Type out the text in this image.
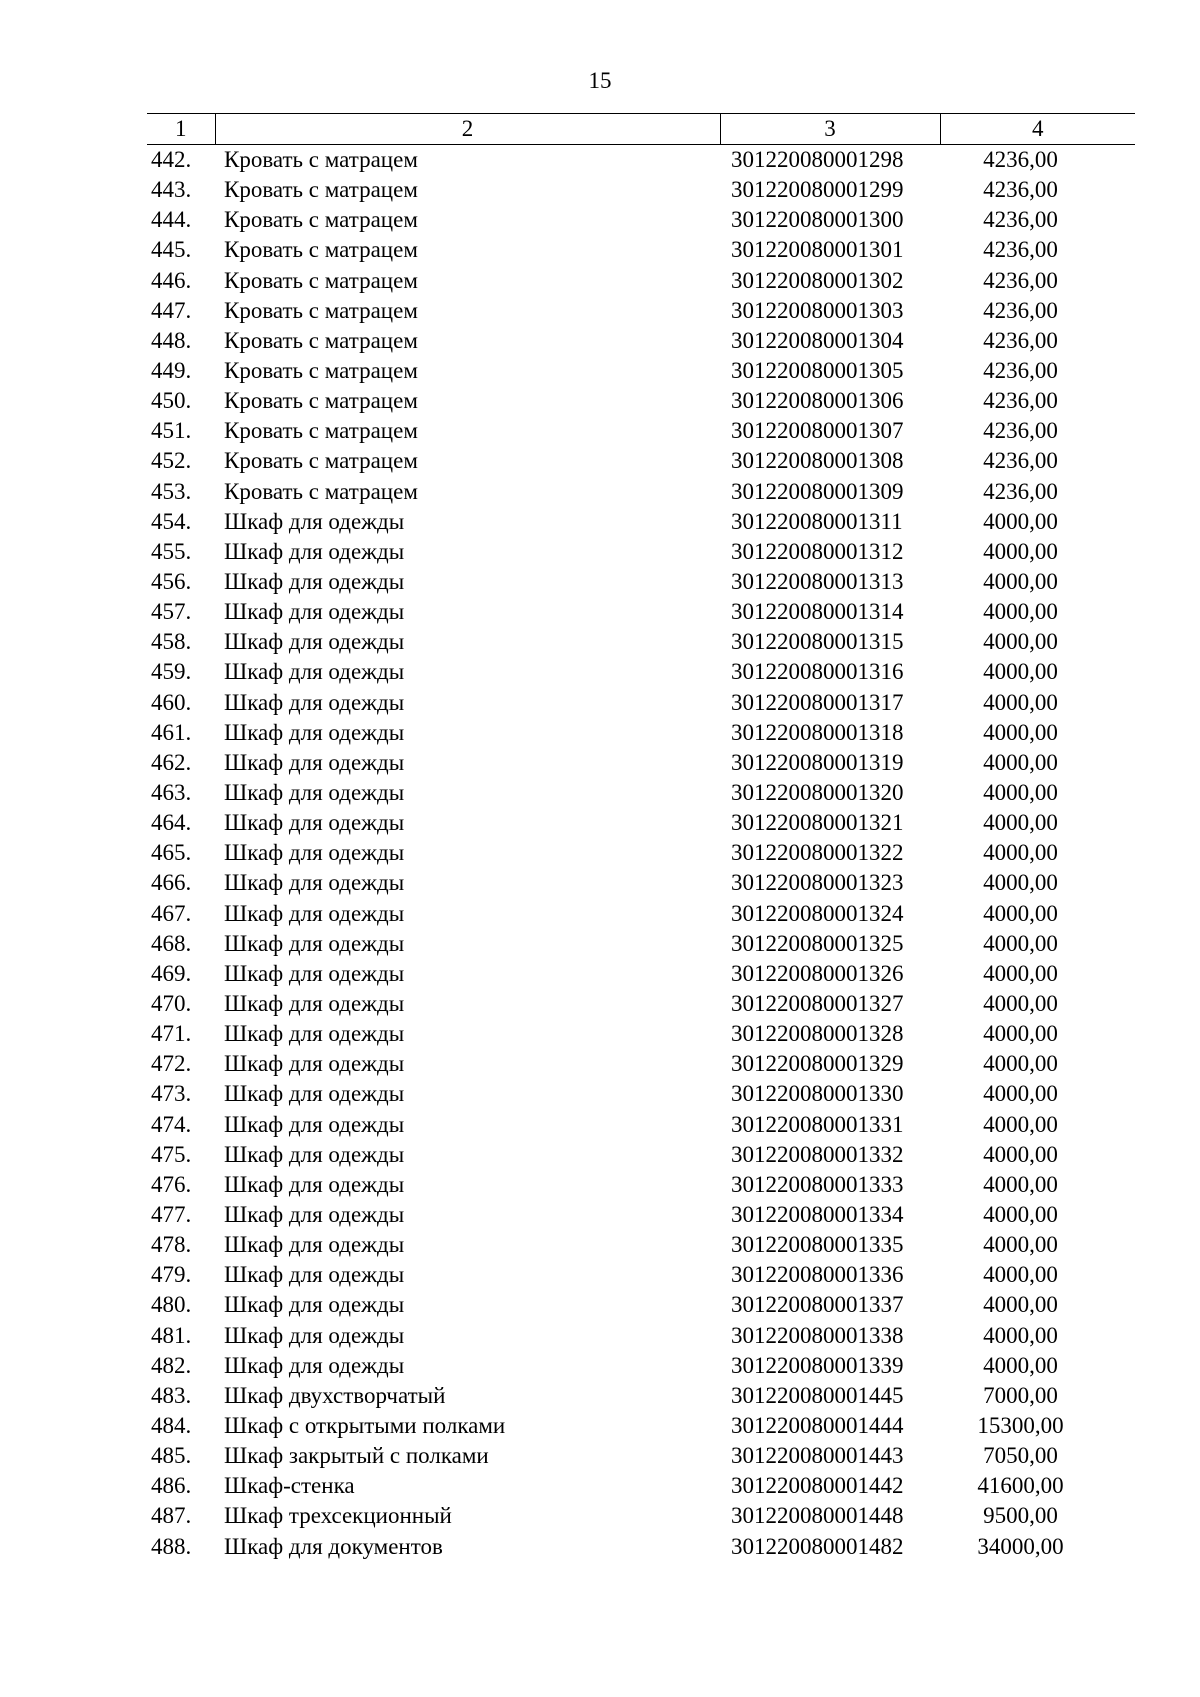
15
1	2	3	4
442.	Кровать с матрацем	301220080001298	4236,00
443.	Кровать с матрацем	301220080001299	4236,00
444.	Кровать с матрацем	301220080001300	4236,00
445.	Кровать с матрацем	301220080001301	4236,00
446.	Кровать с матрацем	301220080001302	4236,00
447.	Кровать с матрацем	301220080001303	4236,00
448.	Кровать с матрацем	301220080001304	4236,00
449.	Кровать с матрацем	301220080001305	4236,00
450.	Кровать с матрацем	301220080001306	4236,00
451.	Кровать с матрацем	301220080001307	4236,00
452.	Кровать с матрацем	301220080001308	4236,00
453.	Кровать с матрацем	301220080001309	4236,00
454.	Шкаф для одежды	301220080001311	4000,00
455.	Шкаф для одежды	301220080001312	4000,00
456.	Шкаф для одежды	301220080001313	4000,00
457.	Шкаф для одежды	301220080001314	4000,00
458.	Шкаф для одежды	301220080001315	4000,00
459.	Шкаф для одежды	301220080001316	4000,00
460.	Шкаф для одежды	301220080001317	4000,00
461.	Шкаф для одежды	301220080001318	4000,00
462.	Шкаф для одежды	301220080001319	4000,00
463.	Шкаф для одежды	301220080001320	4000,00
464.	Шкаф для одежды	301220080001321	4000,00
465.	Шкаф для одежды	301220080001322	4000,00
466.	Шкаф для одежды	301220080001323	4000,00
467.	Шкаф для одежды	301220080001324	4000,00
468.	Шкаф для одежды	301220080001325	4000,00
469.	Шкаф для одежды	301220080001326	4000,00
470.	Шкаф для одежды	301220080001327	4000,00
471.	Шкаф для одежды	301220080001328	4000,00
472.	Шкаф для одежды	301220080001329	4000,00
473.	Шкаф для одежды	301220080001330	4000,00
474.	Шкаф для одежды	301220080001331	4000,00
475.	Шкаф для одежды	301220080001332	4000,00
476.	Шкаф для одежды	301220080001333	4000,00
477.	Шкаф для одежды	301220080001334	4000,00
478.	Шкаф для одежды	301220080001335	4000,00
479.	Шкаф для одежды	301220080001336	4000,00
480.	Шкаф для одежды	301220080001337	4000,00
481.	Шкаф для одежды	301220080001338	4000,00
482.	Шкаф для одежды	301220080001339	4000,00
483.	Шкаф двухстворчатый	301220080001445	7000,00
484.	Шкаф с открытыми полками	301220080001444	15300,00
485.	Шкаф закрытый с полками	301220080001443	7050,00
486.	Шкаф-стенка	301220080001442	41600,00
487.	Шкаф трехсекционный	301220080001448	9500,00
488.	Шкаф для документов	301220080001482	34000,00
